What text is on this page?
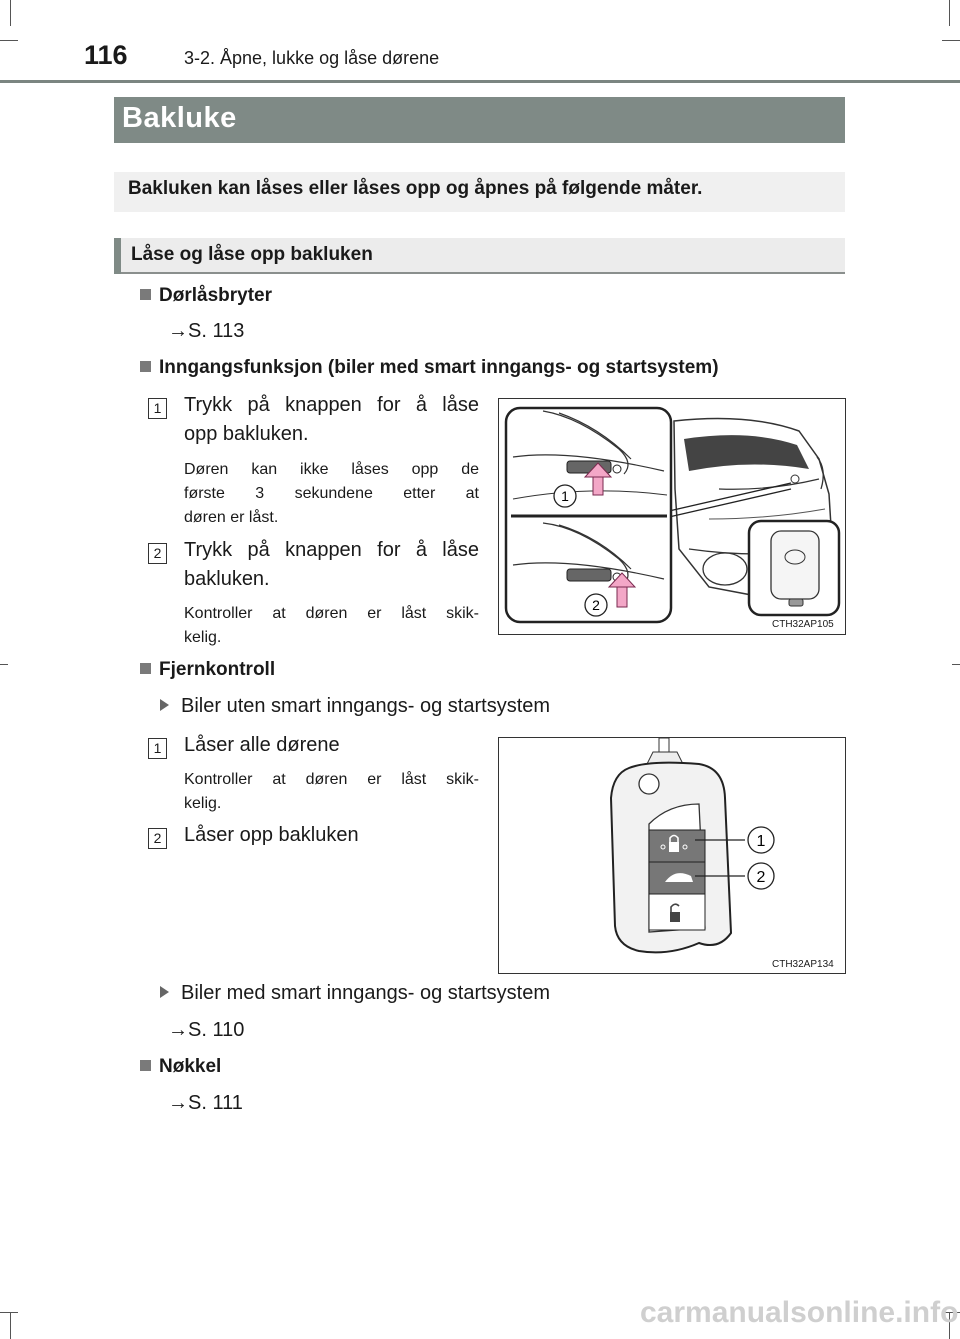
116	3-2. Åpne, lukke og låse dørene
Bakluke
Bakluken kan låses eller låses opp og åpnes på følgende måter.
Låse og låse opp bakluken
Dørlåsbryter
→S. 113
Inngangsfunksjon (biler med smart inngangs- og startsystem)
1 Trykk på knappen for å låse
opp bakluken.
Døren kan ikke låses opp de
første 3 sekundene etter at
døren er låst.
2 Trykk på knappen for å låse
bakluken.
Kontroller at døren er låst skik-
kelig.
1
2
CTH32AP105
Fjernkontroll
Biler uten smart inngangs- og startsystem
1 Låser alle dørene
Kontroller at døren er låst skik-
kelig.
2 Låser opp bakluken	1
2
CTH32AP134
Biler med smart inngangs- og startsystem
→S. 110
Nøkkel
→S. 111
carmanualsonline.info
